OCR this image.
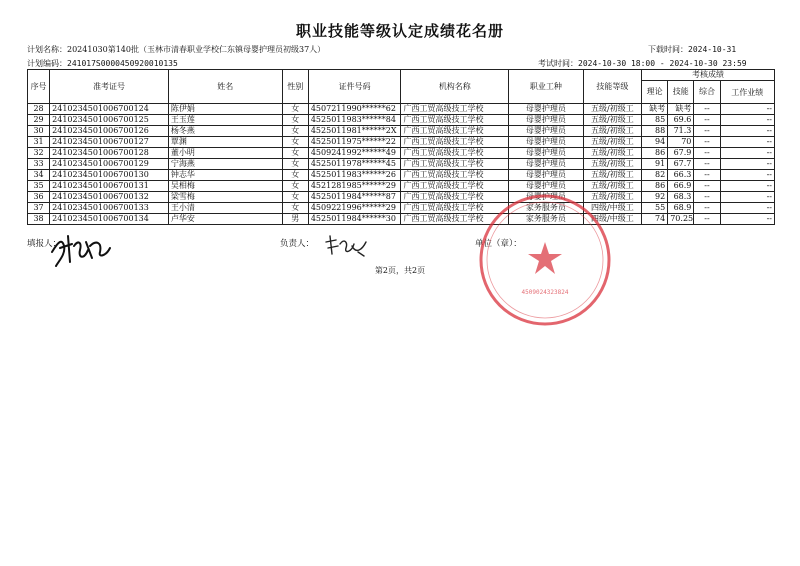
职业技能等级认定成绩花名册
计划名称：20241030第140批（玉林市清春职业学校仁东镇母婴护理员初级37人）	下载时间：2024-10-31
计划编码：241017S000045092001013​5	考试时间：2024-10-30 18:00 - 2024-10-30 23:59
序号	准考证号	姓名	性别	证件号码	机构名称	职业工种	技能等级	考核成绩			
								理论	技能	综合	工作业绩
28	2410234501006700124	陈伊娟	女	450721199​0******62	广西工贸高级技工学校	母婴护理员	五级/初级工	缺考	缺考	--	--
29	2410234501006700125	王玉莲	女	4525011983******84	广西工贸高级技工学校	母婴护理员	五级/初级工	85	69.6	--	--
30	2410234501006700126	杨冬燕	女	4525011981******2X	广西工贸高级技工学校	母婴护理员	五级/初级工	88	71.3	--	--
31	2410234501006700127	覃渊	女	4525011975******22	广西工贸高级技工学校	母婴护理员	五级/初级工	94	70	--	--
32	2410234501006700128	董小明	女	4509241992******49	广西工贸高级技工学校	母婴护理员	五级/初级工	86	67.9	--	--
33	2410234501006700129	宁海燕	女	4525011978******45	广西工贸高级技工学校	母婴护理员	五级/初级工	91	67.7	--	--
34	2410234501006700130	钟志华	女	4525011983******26	广西工贸高级技工学校	母婴护理员	五级/初级工	82	66.3	--	--
35	2410234501006700131	吴相梅	女	4521281985******29	广西工贸高级技工学校	母婴护理员	五级/初级工	86	66.9	--	--
36	2410234501006700132	梁雪梅	女	4525011984******87	广西工贸高级技工学校	母婴护理员	五级/初级工	92	68.3	--	--
37	2410234501006700133	王小清	女	4509221996******29	广西工贸高级技工学校	家务服务员	四级/中级工	55	68.9	--	--
38	2410234501006700134	卢华安	男	4525011984******30	广西工贸高级技工学校	家务服务员	四级/中级工	74	70.25	--	--
填报人：	负责人：	单位（章）：
第2页，共2页
4509024323824
